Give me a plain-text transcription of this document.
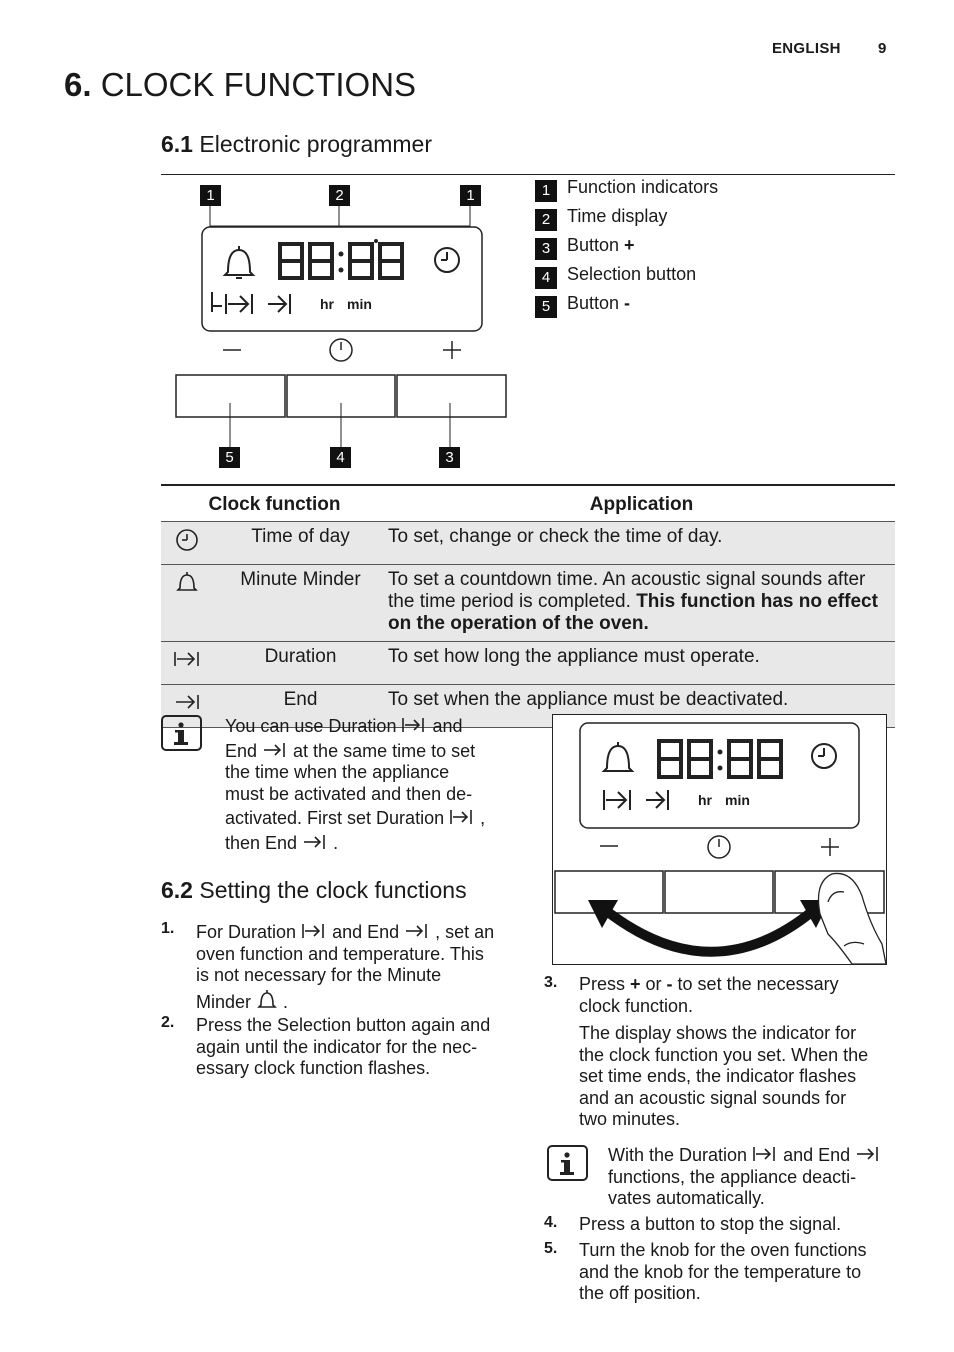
ENGLISH 9
6. CLOCK FUNCTIONS
6.1 Electronic programmer
1	2	1
hr min
5	4	3
1 Function indicators
2 Time display
3 Button +
4 Selection button
5 Button -
Clock function		Application
	Time of day	To set, change or check the time of day.
	Minute Minder	To set a countdown time. An acoustic signal sounds after the time period is completed. This function has no effect on the operation of the oven.
	Duration	To set how long the appliance must operate.
	End	To set when the appliance must be deactivated.
You can use Duration  and
End  at the same time to set
the time when the appliance
must be activated and then de-
activated. First set Duration  ,
then End  .
6.2 Setting the clock functions
1. For Duration  and End  , set an
oven function and temperature. This
is not necessary for the Minute
Minder  .
2. Press the Selection button again and
again until the indicator for the nec-
essary clock function flashes.
hr min
3. Press + or - to set the necessary
clock function.
The display shows the indicator for
the clock function you set. When the
set time ends, the indicator flashes
and an acoustic signal sounds for
two minutes.
With the Duration  and End
functions, the appliance deacti-
vates automatically.
4. Press a button to stop the signal.
5. Turn the knob for the oven functions
and the knob for the temperature to
the off position.
